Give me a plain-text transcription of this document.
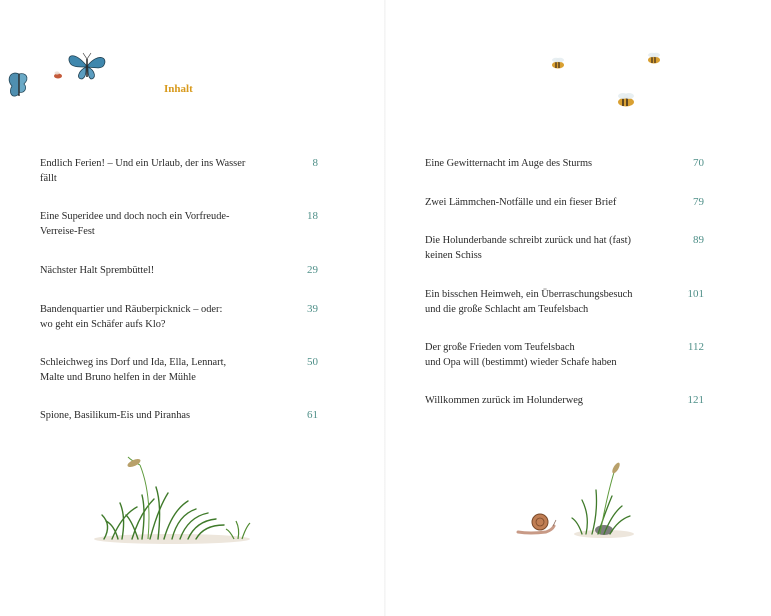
Inhalt
Endlich Ferien! – Und ein Urlaub, der ins Wasser
fällt
8
Eine Superidee und doch noch ein Vorfreude-
Verreise-Fest
18
Nächster Halt Sprembüttel!	29
Bandenquartier und Räuberpicknick – oder:
wo geht ein Schäfer aufs Klo?
39
Schleichweg ins Dorf und Ida, Ella, Lennart,
Malte und Bruno helfen in der Mühle
50
Spione, Basilikum-Eis und Piranhas	61
Eine Gewitternacht im Auge des Sturms	70
Zwei Lämmchen-Notfälle und ein fieser Brief	79
Die Holunderbande schreibt zurück und hat (fast)
keinen Schiss
89
Ein bisschen Heimweh, ein Überraschungsbesuch
und die große Schlacht am Teufelsbach
101
Der große Frieden vom Teufelsbach
und Opa will (bestimmt) wieder Schafe haben
112
Willkommen zurück im Holunderweg	121
